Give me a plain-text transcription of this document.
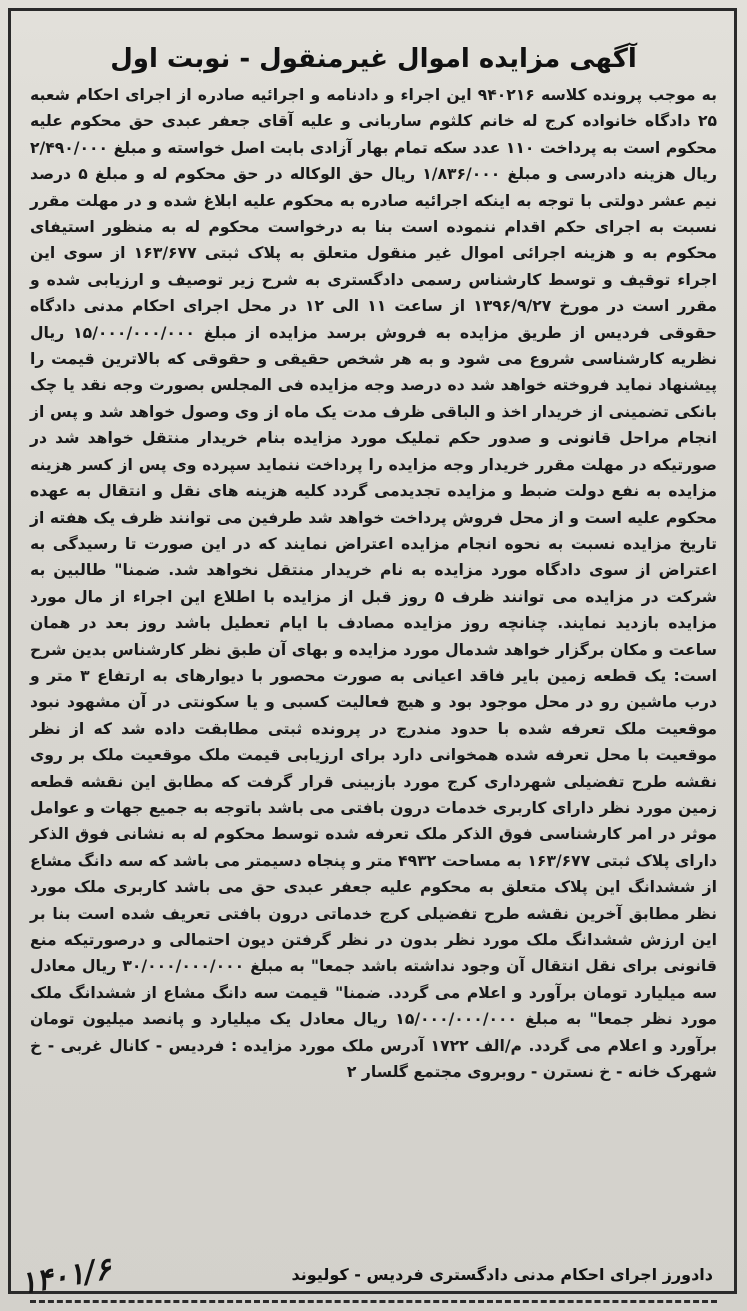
آگهی مزایده اموال غیرمنقول - نوبت اول

به موجب پرونده کلاسه ۹۴۰۲۱۶ این اجراء و دادنامه و اجرائیه صادره از اجرای احکام شعبه ۲۵ دادگاه خانواده کرج له خانم کلثوم ساربانی و علیه آقای جعفر عبدی حق محکوم علیه محکوم است به پرداخت ۱۱۰ عدد سکه تمام بهار آزادی بابت اصل خواسته و مبلغ ۲/۴۹۰/۰۰۰ ریال هزینه دادرسی و مبلغ ۱/۸۳۶/۰۰۰ ریال حق الوکاله در حق محکوم له و مبلغ ۵ درصد نیم عشر دولتی با توجه به اینکه اجرائیه صادره به محکوم علیه ابلاغ شده و در مهلت مقرر نسبت به اجرای حکم اقدام ننموده است بنا به درخواست محکوم له به منظور استیفای محکوم به و هزینه اجرائی اموال غیر منقول متعلق به پلاک ثبتی ۱۶۳/۶۷۷ از سوی این اجراء توقیف و توسط کارشناس رسمی دادگستری به شرح زیر توصیف و ارزیابی شده و مقرر است در مورخ ۱۳۹۶/۹/۲۷ از ساعت ۱۱ الی ۱۲ در محل اجرای احکام مدنی دادگاه حقوقی فردیس از طریق مزایده به فروش برسد مزایده از مبلغ ۱۵/۰۰۰/۰۰۰/۰۰۰ ریال نظریه کارشناسی شروع می شود و به هر شخص حقیقی و حقوقی که بالاترین قیمت را پیشنهاد نماید فروخته خواهد شد ده درصد وجه مزایده فی المجلس بصورت وجه نقد یا چک بانکی تضمینی از خریدار اخذ و الباقی ظرف مدت یک ماه از وی وصول خواهد شد و پس از انجام مراحل قانونی و صدور حکم تملیک مورد مزایده بنام خریدار منتقل خواهد شد در صورتیکه در مهلت مقرر خریدار وجه مزایده را پرداخت ننماید سپرده وی پس از کسر هزینه مزایده به نفع دولت ضبط و مزایده تجدیدمی گردد کلیه هزینه های نقل و انتقال به عهده محکوم علیه است و از محل فروش پرداخت خواهد شد طرفین می توانند ظرف یک هفته از تاریخ مزایده نسبت به نحوه انجام مزایده اعتراض نمایند که در این صورت تا رسیدگی به اعتراض از سوی دادگاه مورد مزایده به نام خریدار منتقل نخواهد شد. ضمنا" طالبین به شرکت در مزایده می توانند ظرف ۵ روز قبل از مزایده با اطلاع این اجراء از مال مورد مزایده بازدید نمایند. چنانچه روز مزایده مصادف با ایام تعطیل باشد روز بعد در همان ساعت و مکان برگزار خواهد شدمال مورد مزایده و بهای آن طبق نظر کارشناس بدین شرح است: یک قطعه زمین بایر فاقد اعیانی به صورت محصور با دیوارهای به ارتفاع ۳ متر و درب ماشین رو در محل موجود بود و هیچ فعالیت کسبی و یا سکونتی در آن مشهود نبود موقعیت ملک تعرفه شده با حدود مندرج در پرونده ثبتی مطابقت داده شد که از نظر موقعیت با محل تعرفه شده همخوانی دارد برای ارزیابی قیمت ملک موقعیت ملک بر روی نقشه طرح تفضیلی شهرداری کرج مورد بازبینی قرار گرفت که مطابق این نقشه قطعه زمین مورد نظر دارای کاربری خدمات درون بافتی می باشد باتوجه به جمیع جهات و عوامل موثر در امر کارشناسی فوق الذکر ملک تعرفه شده توسط محکوم له به نشانی فوق الذکر دارای پلاک ثبتی ۱۶۳/۶۷۷ به مساحت ۴۹۳۲ متر و پنجاه دسیمتر می باشد که سه دانگ مشاع از ششدانگ این پلاک متعلق به محکوم علیه جعفر عبدی حق می باشد کاربری ملک مورد نظر مطابق آخرین نقشه طرح تفضیلی کرج خدماتی درون بافتی تعریف شده است بنا بر این ارزش ششدانگ ملک مورد نظر بدون در نظر گرفتن دیون احتمالی و درصورتیکه منع قانونی برای نقل انتقال آن وجود نداشته باشد جمعا" به مبلغ ۳۰/۰۰۰/۰۰۰/۰۰۰ ریال معادل سه میلیارد تومان برآورد و اعلام می گردد. ضمنا" قیمت سه دانگ مشاع از ششدانگ ملک مورد نظر جمعا" به مبلغ ۱۵/۰۰۰/۰۰۰/۰۰۰ ریال معادل یک میلیارد و پانصد میلیون تومان برآورد و اعلام می گردد. م/الف ۱۷۲۲ آدرس ملک مورد مزایده : فردیس - کانال غربی - خ شهرک خانه - خ نسترن - روبروی مجتمع گلسار ۲

دادورز اجرای احکام مدنی دادگستری فردیس - کولیوند
۱۴۰۱/۶
